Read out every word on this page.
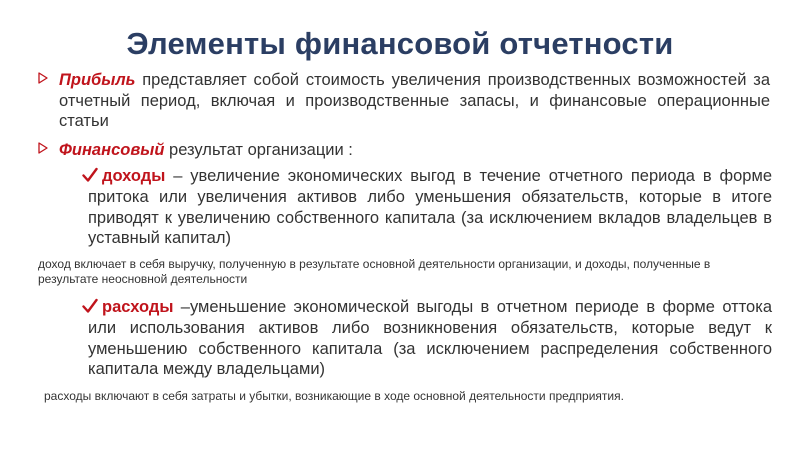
Элементы финансовой отчетности
Прибыль представляет собой стоимость увеличения производственных возможностей за отчетный период, включая и производственные запасы, и финансовые операционные статьи
Финансовый результат организации :
доходы – увеличение экономических выгод в течение отчетного периода в форме притока или увеличения активов либо уменьшения обязательств, которые в итоге приводят к увеличению собственного капитала (за исключением вкладов владельцев в уставный капитал)
доход включает в себя выручку, полученную в результате основной деятельности организации, и доходы, полученные в результате неосновной деятельности
расходы –уменьшение экономической выгоды в отчетном периоде в форме оттока или использования активов либо возникновения обязательств, которые ведут к уменьшению собственного капитала (за исключением распределения собственного капитала между владельцами)
расходы включают в себя затраты и убытки, возникающие в ходе основной деятельности предприятия.
